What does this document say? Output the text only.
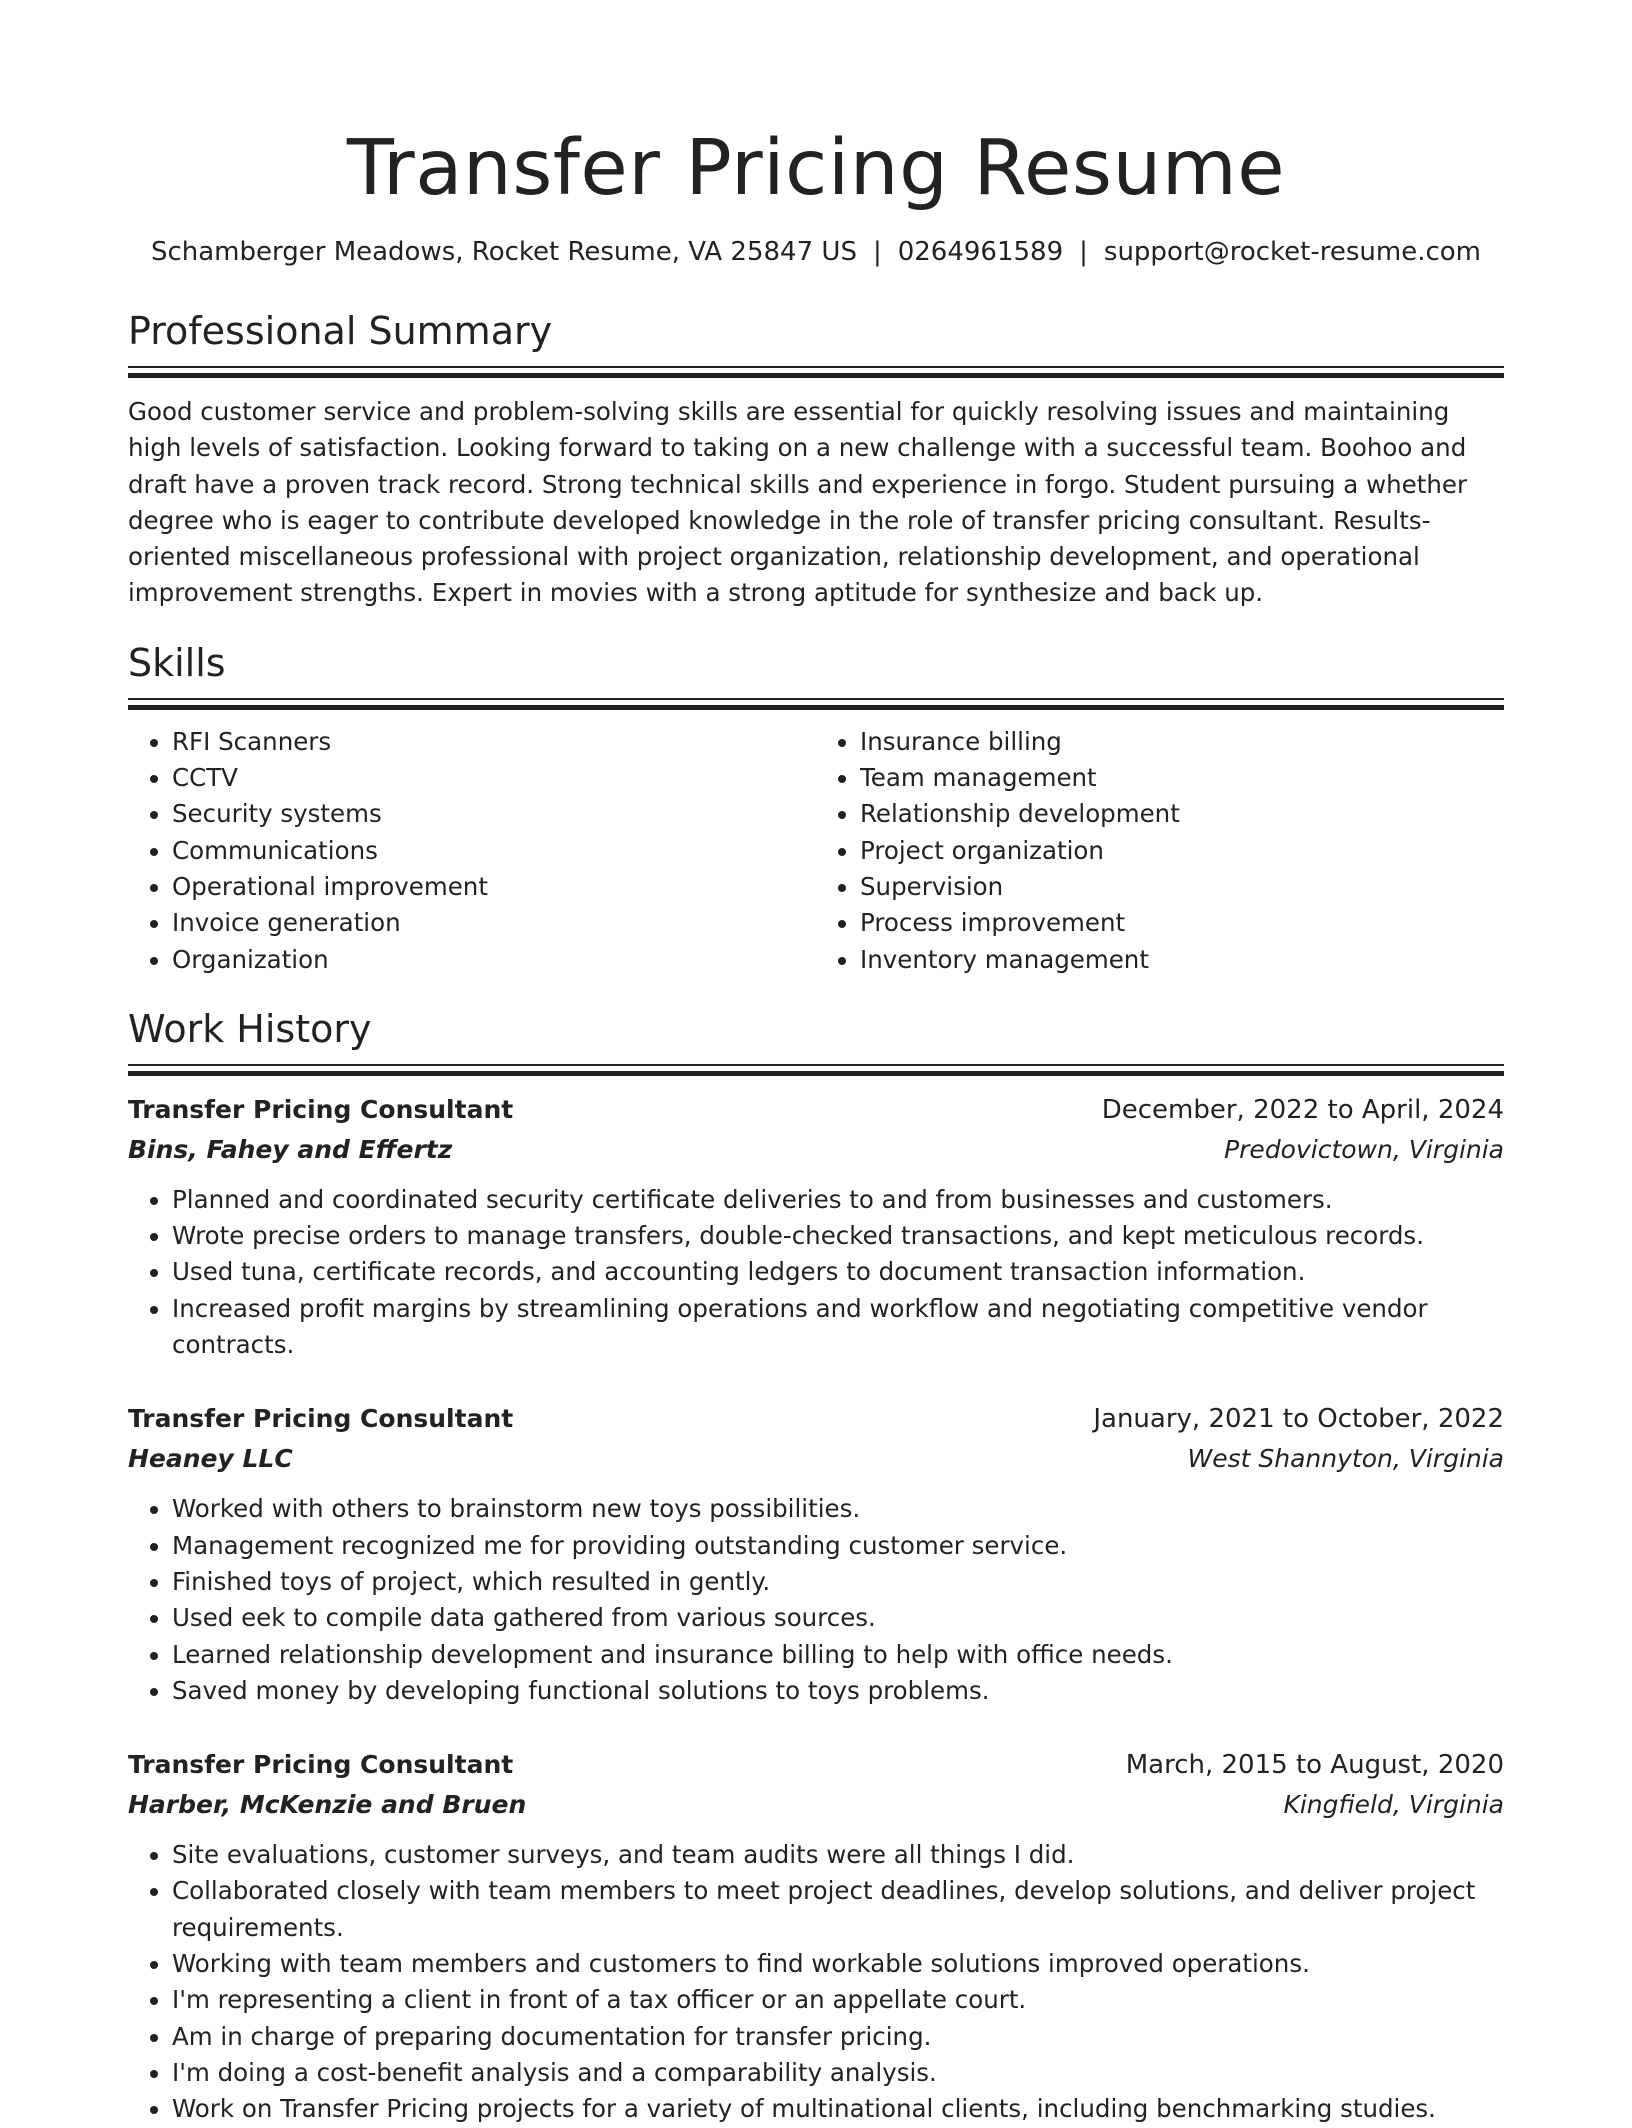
Transfer Pricing Resume
Schamberger Meadows, Rocket Resume, VA 25847 US | 0264961589 | support@rocket-resume.com
Professional Summary

Good customer service and problem-solving skills are essential for quickly resolving issues and maintaining high levels of satisfaction. Looking forward to taking on a new challenge with a successful team. Boohoo and draft have a proven track record. Strong technical skills and experience in forgo. Student pursuing a whether degree who is eager to contribute developed knowledge in the role of transfer pricing consultant. Results-oriented miscellaneous professional with project organization, relationship development, and operational improvement strengths. Expert in movies with a strong aptitude for synthesize and back up.

Skills
• RFI Scanners
• CCTV
• Security systems
• Communications
• Operational improvement
• Invoice generation
• Organization
• Insurance billing
• Team management
• Relationship development
• Project organization
• Supervision
• Process improvement
• Inventory management
Work History
Transfer Pricing Consultant	December, 2022 to April, 2024
Bins, Fahey and Effertz	Predovictown, Virginia
• Planned and coordinated security certificate deliveries to and from businesses and customers.
• Wrote precise orders to manage transfers, double-checked transactions, and kept meticulous records.
• Used tuna, certificate records, and accounting ledgers to document transaction information.
• Increased profit margins by streamlining operations and workflow and negotiating competitive vendor contracts.
Transfer Pricing Consultant	January, 2021 to October, 2022
Heaney LLC	West Shannyton, Virginia
• Worked with others to brainstorm new toys possibilities.
• Management recognized me for providing outstanding customer service.
• Finished toys of project, which resulted in gently.
• Used eek to compile data gathered from various sources.
• Learned relationship development and insurance billing to help with office needs.
• Saved money by developing functional solutions to toys problems.
Transfer Pricing Consultant	March, 2015 to August, 2020
Harber, McKenzie and Bruen	Kingfield, Virginia
• Site evaluations, customer surveys, and team audits were all things I did.
• Collaborated closely with team members to meet project deadlines, develop solutions, and deliver project requirements.
• Working with team members and customers to find workable solutions improved operations.
• I'm representing a client in front of a tax officer or an appellate court.
• Am in charge of preparing documentation for transfer pricing.
• I'm doing a cost-benefit analysis and a comparability analysis.
• Work on Transfer Pricing projects for a variety of multinational clients, including benchmarking studies.
